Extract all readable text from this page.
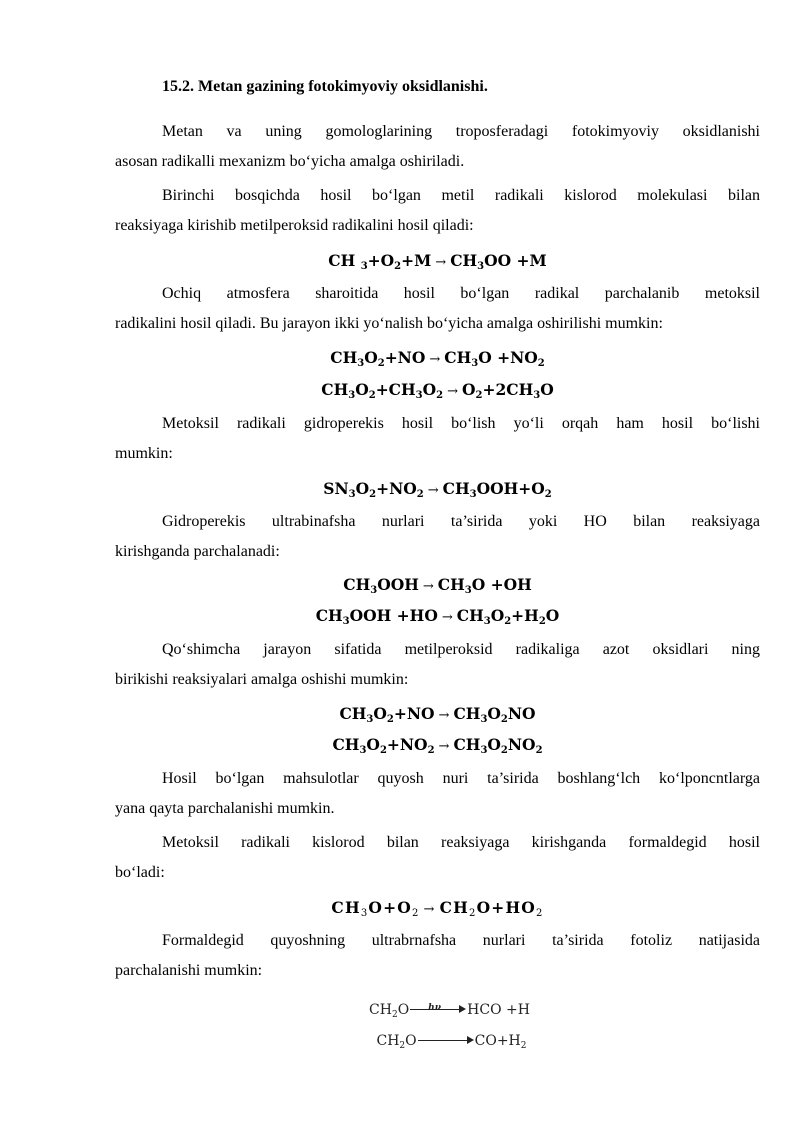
15.2. Metan gazining fotokimyoviy oksidlanishi.
Metan va uning gomologlarining troposferadagi fotokimyoviy oksidlanishi
asosan radikalli mexanizm bo‘yicha amalga oshiriladi.
Birinchi bosqichda hosil bo‘lgan metil radikali kislorod molekulasi bilan
reaksiyaga kirishib metilperoksid radikalini hosil qiladi:
CH $_3+O_2+M \to CH_3OO +M$
Ochiq atmosfera sharoitida hosil bo‘lgan radikal parchalanib metoksil
radikalini hosil qiladi. Bu jarayon ikki yo‘nalish bo‘yicha amalga oshirilishi mumkin:
$CH_3O_2+NO \to CH_3O +NO_2$
$CH_3O_2+CH_3O_2 \to O_2+2CH_3O$
Metoksil radikali gidroperekis hosil bo‘lish yo‘li orqah ham hosil bo‘lishi
mumkin:
$SN_3O_2+NO_2 \to CH_3OOH+O_2$
Gidroperekis ultrabinafsha nurlari ta’sirida yoki HO bilan reaksiyaga
kirishganda parchalanadi:
$CH_3OOH \to CH_3O +OH$
$CH_3OOH +HO \to CH_3O_2+H_2O$
Qo‘shimcha jarayon sifatida metilperoksid radikaliga azot oksidlari ning
birikishi reaksiyalari amalga oshishi mumkin:
$CH_3O_2+NO \to CH_3O_2NO$
$CH_3O_2+NO_2 \to CH_3O_2NO_2$
Hosil bo‘lgan mahsulotlar quyosh nuri ta’sirida boshlang‘lch ko‘lponcntlarga
yana qayta parchalanishi mumkin.
Metoksil radikali kislorod bilan reaksiyaga kirishganda formaldegid hosil
bo‘ladi:
$CH_3O+O_2 \to CH_2O+HO_2$
Formaldegid quyoshning ultrabrnafsha nurlari ta’sirida fotoliz natijasida
parchalanishi mumkin:
$CH_2O$ hν HCO +H
$CH_2O$	$CO+H_2$
